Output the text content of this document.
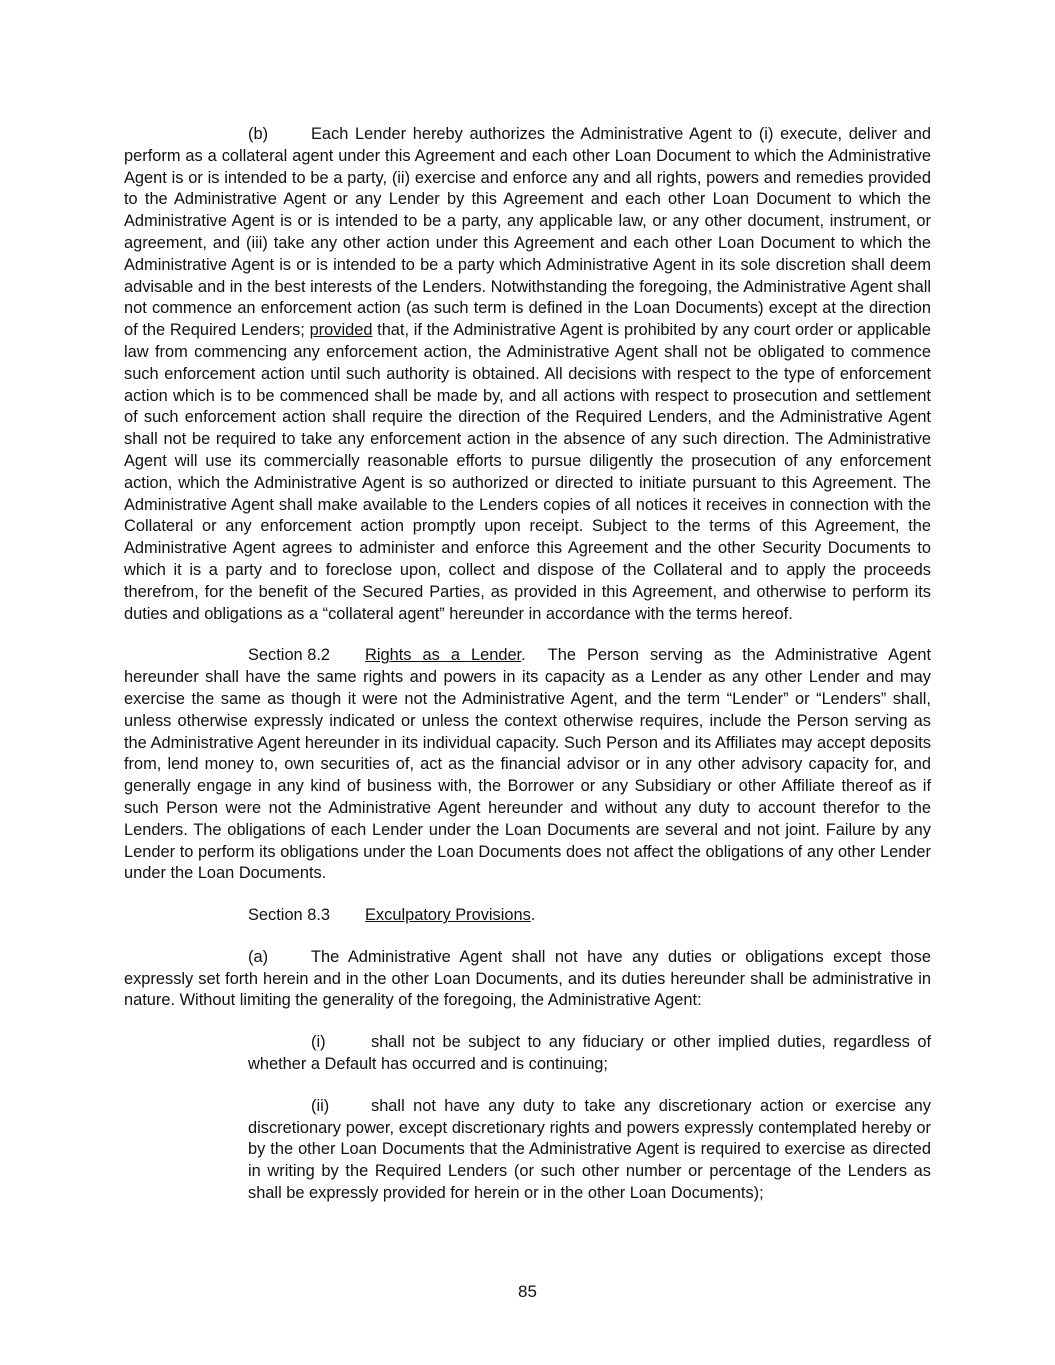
(b)	Each Lender hereby authorizes the Administrative Agent to (i) execute, deliver and perform as a collateral agent under this Agreement and each other Loan Document to which the Administrative Agent is or is intended to be a party, (ii) exercise and enforce any and all rights, powers and remedies provided to the Administrative Agent or any Lender by this Agreement and each other Loan Document to which the Administrative Agent is or is intended to be a party, any applicable law, or any other document, instrument, or agreement, and (iii) take any other action under this Agreement and each other Loan Document to which the Administrative Agent is or is intended to be a party which Administrative Agent in its sole discretion shall deem advisable and in the best interests of the Lenders. Notwithstanding the foregoing, the Administrative Agent shall not commence an enforcement action (as such term is defined in the Loan Documents) except at the direction of the Required Lenders; provided that, if the Administrative Agent is prohibited by any court order or applicable law from commencing any enforcement action, the Administrative Agent shall not be obligated to commence such enforcement action until such authority is obtained. All decisions with respect to the type of enforcement action which is to be commenced shall be made by, and all actions with respect to prosecution and settlement of such enforcement action shall require the direction of the Required Lenders, and the Administrative Agent shall not be required to take any enforcement action in the absence of any such direction. The Administrative Agent will use its commercially reasonable efforts to pursue diligently the prosecution of any enforcement action, which the Administrative Agent is so authorized or directed to initiate pursuant to this Agreement. The Administrative Agent shall make available to the Lenders copies of all notices it receives in connection with the Collateral or any enforcement action promptly upon receipt. Subject to the terms of this Agreement, the Administrative Agent agrees to administer and enforce this Agreement and the other Security Documents to which it is a party and to foreclose upon, collect and dispose of the Collateral and to apply the proceeds therefrom, for the benefit of the Secured Parties, as provided in this Agreement, and otherwise to perform its duties and obligations as a “collateral agent” hereunder in accordance with the terms hereof.

Section 8.2 Rights as a Lender. The Person serving as the Administrative Agent hereunder shall have the same rights and powers in its capacity as a Lender as any other Lender and may exercise the same as though it were not the Administrative Agent, and the term “Lender” or “Lenders” shall, unless otherwise expressly indicated or unless the context otherwise requires, include the Person serving as the Administrative Agent hereunder in its individual capacity. Such Person and its Affiliates may accept deposits from, lend money to, own securities of, act as the financial advisor or in any other advisory capacity for, and generally engage in any kind of business with, the Borrower or any Subsidiary or other Affiliate thereof as if such Person were not the Administrative Agent hereunder and without any duty to account therefor to the Lenders. The obligations of each Lender under the Loan Documents are several and not joint. Failure by any Lender to perform its obligations under the Loan Documents does not affect the obligations of any other Lender under the Loan Documents.

Section 8.3 Exculpatory Provisions.

(a)	The Administrative Agent shall not have any duties or obligations except those expressly set forth herein and in the other Loan Documents, and its duties hereunder shall be administrative in nature. Without limiting the generality of the foregoing, the Administrative Agent:

(i)	shall not be subject to any fiduciary or other implied duties, regardless of whether a Default has occurred and is continuing;

(ii)	shall not have any duty to take any discretionary action or exercise any discretionary power, except discretionary rights and powers expressly contemplated hereby or by the other Loan Documents that the Administrative Agent is required to exercise as directed in writing by the Required Lenders (or such other number or percentage of the Lenders as shall be expressly provided for herein or in the other Loan Documents);

85
